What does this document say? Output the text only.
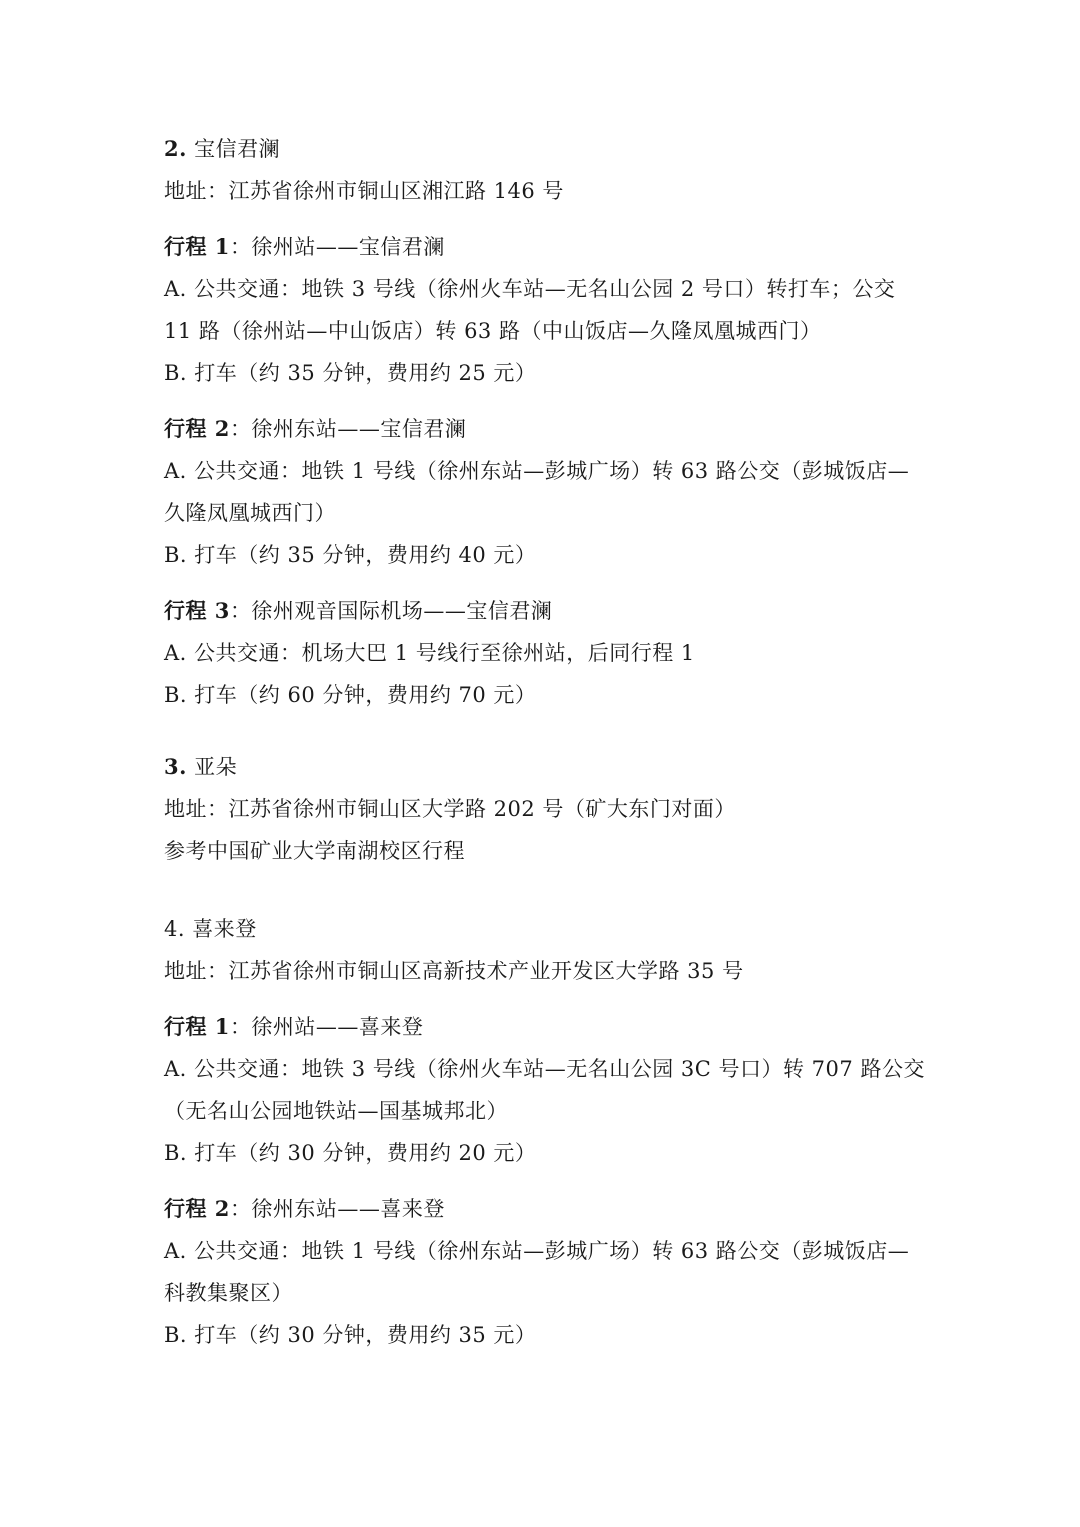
2. 宝信君澜
地址：江苏省徐州市铜山区湘江路 146 号
行程 1：徐州站——宝信君澜
A. 公共交通：地铁 3 号线（徐州火车站—无名山公园 2 号口）转打车；公交
11 路（徐州站—中山饭店）转 63 路（中山饭店—久隆凤凰城西门）
B. 打车（约 35 分钟，费用约 25 元）
行程 2：徐州东站——宝信君澜
A. 公共交通：地铁 1 号线（徐州东站—彭城广场）转 63 路公交（彭城饭店—
久隆凤凰城西门）
B. 打车（约 35 分钟，费用约 40 元）
行程 3：徐州观音国际机场——宝信君澜
A. 公共交通：机场大巴 1 号线行至徐州站，后同行程 1
B. 打车（约 60 分钟，费用约 70 元）
3. 亚朵
地址：江苏省徐州市铜山区大学路 202 号（矿大东门对面）
参考中国矿业大学南湖校区行程
4. 喜来登
地址：江苏省徐州市铜山区高新技术产业开发区大学路 35 号
行程 1：徐州站——喜来登
A. 公共交通：地铁 3 号线（徐州火车站—无名山公园 3C 号口）转 707 路公交
（无名山公园地铁站—国基城邦北）
B. 打车（约 30 分钟，费用约 20 元）
行程 2：徐州东站——喜来登
A. 公共交通：地铁 1 号线（徐州东站—彭城广场）转 63 路公交（彭城饭店—
科教集聚区）
B. 打车（约 30 分钟，费用约 35 元）
